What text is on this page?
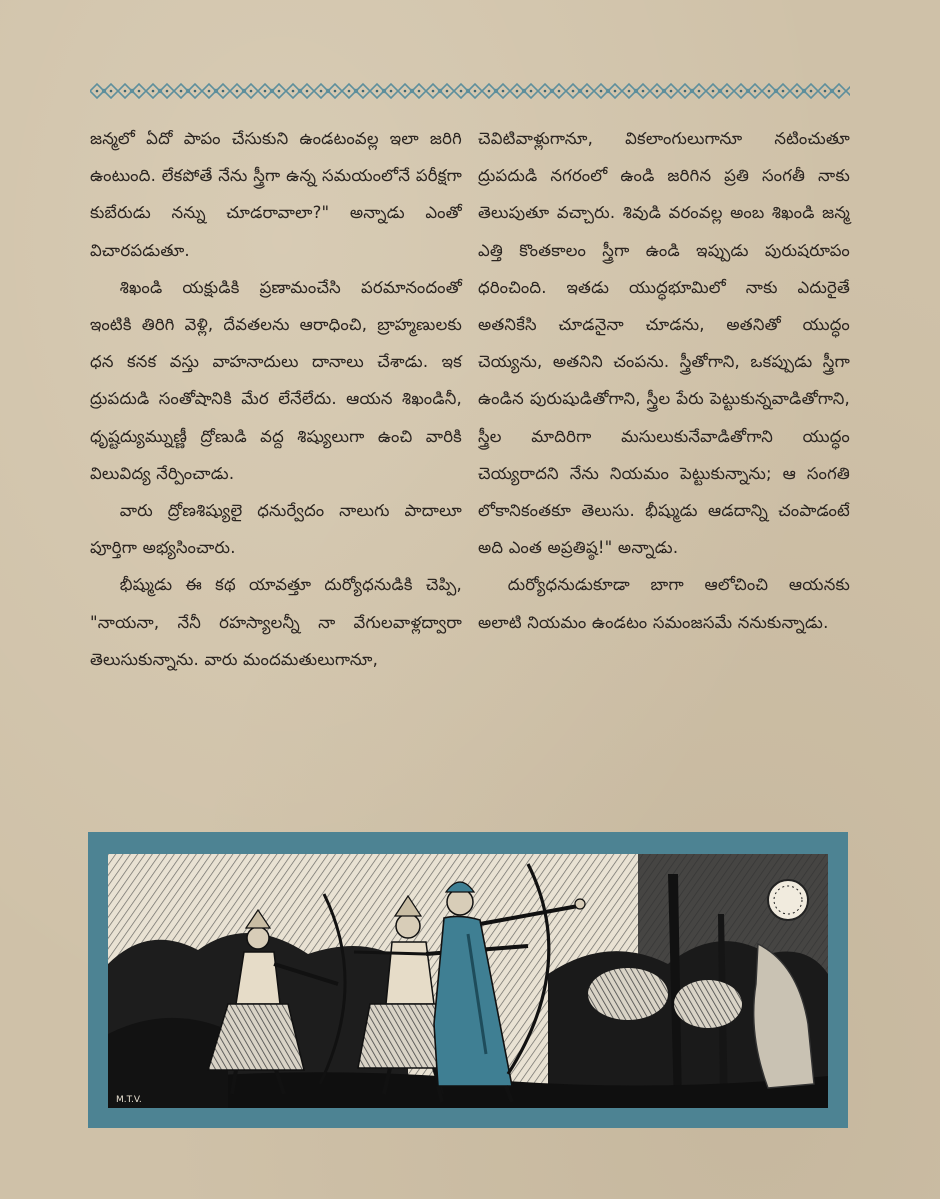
జన్మలో ఏదో పాపం చేసుకుని ఉండటంవల్ల ఇలా జరిగి ఉంటుంది. లేకపోతే నేను స్త్రీగా ఉన్న సమయంలోనే పరీక్షగా కుబేరుడు నన్ను చూడరావాలా?" అన్నాడు ఎంతో విచారపడుతూ.

శిఖండి యక్షుడికి ప్రణామంచేసి పరమానందంతో ఇంటికి తిరిగి వెళ్లి, దేవతలను ఆరాధించి, బ్రాహ్మణులకు ధన కనక వస్తు వాహనాదులు దానాలు చేశాడు. ఇక ద్రుపదుడి సంతోషానికి మేర లేనేలేదు. ఆయన శిఖండినీ, ధృష్టద్యుమ్నుణ్ణీ ద్రోణుడి వద్ద శిష్యులుగా ఉంచి వారికి విలువిద్య నేర్పించాడు.

వారు ద్రోణశిష్యులై ధనుర్వేదం నాలుగు పాదాలూ పూర్తిగా అభ్యసించారు.

భీష్ముడు ఈ కథ యావత్తూ దుర్యోధనుడికి చెప్పి, "నాయనా, నేనీ రహస్యాలన్నీ నా వేగులవాళ్లద్వారా తెలుసుకున్నాను. వారు మందమతులుగానూ,

చెవిటివాళ్లుగానూ, వికలాంగులుగానూ నటించుతూ ద్రుపదుడి నగరంలో ఉండి జరిగిన ప్రతి సంగతీ నాకు తెలుపుతూ వచ్చారు. శివుడి వరంవల్ల అంబ శిఖండి జన్మ ఎత్తి కొంతకాలం స్త్రీగా ఉండి ఇప్పుడు పురుషరూపం ధరించింది. ఇతడు యుద్ధభూమిలో నాకు ఎదురైతే అతనికేసి చూడనైనా చూడను, అతనితో యుద్ధం చెయ్యను, అతనిని చంపను. స్త్రీతోగాని, ఒకప్పుడు స్త్రీగా ఉండిన పురుషుడితోగాని, స్త్రీల పేరు పెట్టుకున్నవాడితోగాని, స్త్రీల మాదిరిగా మసులుకునేవాడితోగాని యుద్ధం చెయ్యరాదని నేను నియమం పెట్టుకున్నాను; ఆ సంగతి లోకానికంతకూ తెలుసు. భీష్ముడు ఆడదాన్ని చంపాడంటే అది ఎంత అప్రతిష్ఠ!" అన్నాడు.

దుర్యోధనుడుకూడా బాగా ఆలోచించి ఆయనకు అలాటి నియమం ఉండటం సమంజసమే ననుకున్నాడు.

M.T.V.
